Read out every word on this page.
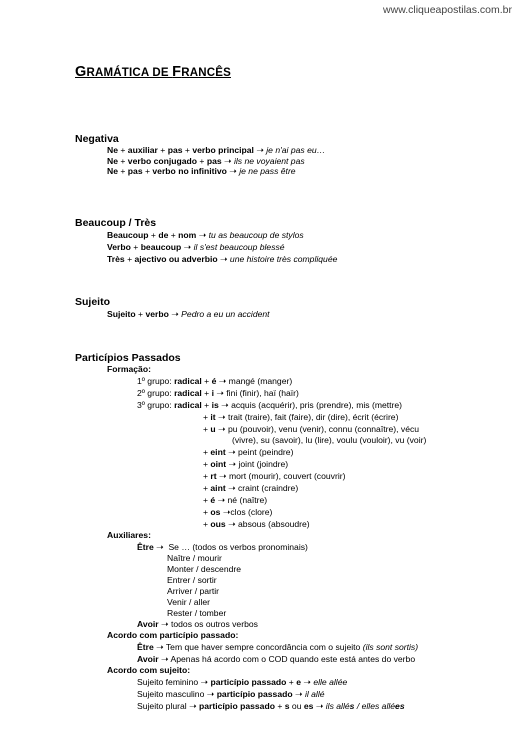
www.cliqueapostilas.com.br
GRAMÁTICA DE FRANCÊS
Negativa
Ne + auxiliar + pas + verbo principal ➝ je n'ai pas eu…
Ne + verbo conjugado + pas ➝ ils ne voyaient pas
Ne + pas + verbo no infinitivo ➝ je ne pass être
Beaucoup / Très
Beaucoup + de + nom ➝ tu as beaucoup de stylos
Verbo + beaucoup ➝ il s'est beaucoup blessé
Très + ajectivo ou adverbio ➝ une histoire très compliquée
Sujeito
Sujeito + verbo ➝ Pedro a eu un accident
Particípios Passados
Formação:
1º grupo: radical + é ➝ mangé (manger)
2º grupo: radical + i ➝ fini (finir), haï (haïr)
3º grupo: radical + is ➝ acquis (acquérir), pris (prendre), mis (mettre)
+ it ➝ trait (traire), fait (faire), dir (dire), écrit (écrire)
+ u ➝ pu (pouvoir), venu (venir), connu (connaître), vécu
(vivre), su (savoir), lu (lire), voulu (vouloir), vu (voir)
+ eint ➝ peint (peindre)
+ oint ➝ joint (joindre)
+ rt ➝ mort (mourir), couvert (couvrir)
+ aint ➝ craint (craindre)
+ é ➝ né (naître)
+ os ➝clos (clore)
+ ous ➝ absous (absoudre)
Auxiliares:
Être ➝ Se … (todos os verbos pronominais)
Naître / mourir
Monter / descendre
Entrer / sortir
Arriver / partir
Venir / aller
Rester / tomber
Avoir ➝ todos os outros verbos
Acordo com particípio passado:
Être ➝ Tem que haver sempre concordância com o sujeito (ils sont sortis)
Avoir ➝ Apenas há acordo com o COD quando este está antes do verbo
Acordo com sujeito:
Sujeito feminino ➝ particípio passado + e ➝ elle allée
Sujeito masculino ➝ particípio passado ➝ il allé
Sujeito plural ➝ particípio passado + s ou es ➝ ils allés / elles allées
